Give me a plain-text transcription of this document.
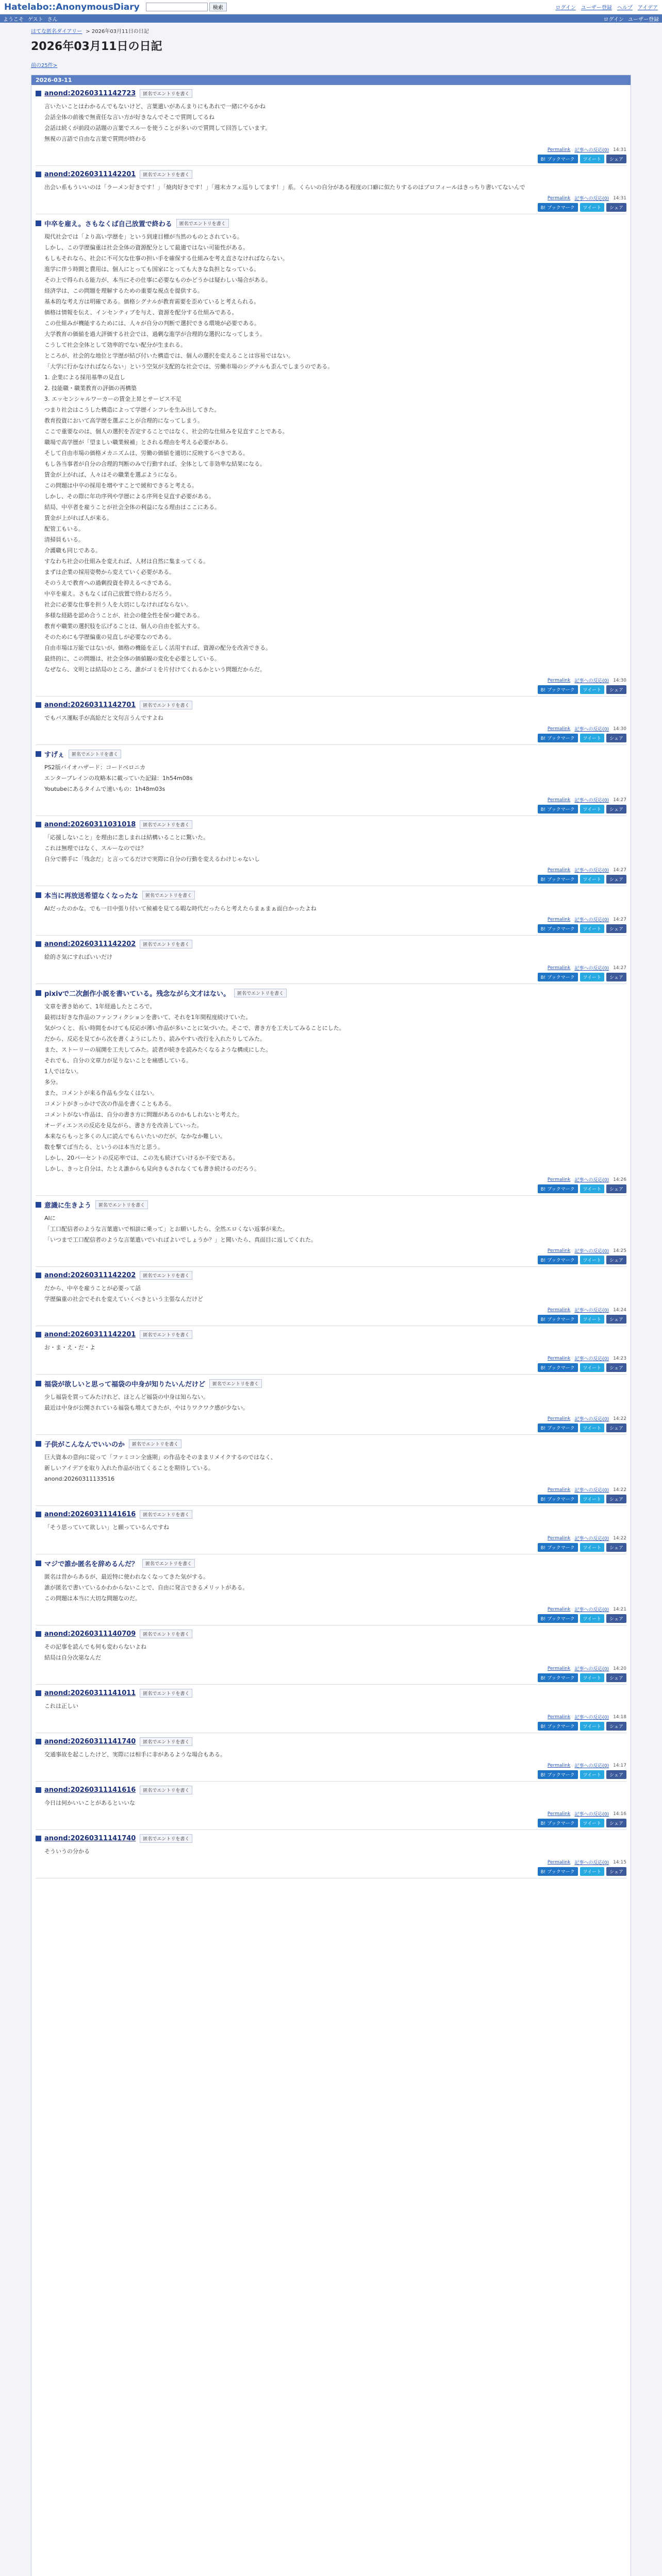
Hatelabo::AnonymousDiary	検索	ログイン ユーザー登録 ヘルプ アイデア
ようこそ ゲスト さん	ログイン ユーザー登録
はてな匿名ダイアリー > 2026年03月11日の日記
2026年03月11日の日記
前の25件>
2026-03-11
anond:20260311142723	匿名でエントリを書く

言いたいことはわかるんでもないけど、言葉遣いがあんまりにもあれで一緒にやるかね

会話全体の前後で無責任な言い方が好きなんでそこで質問してるね

会話は続くが前段の話題の言葉でスルーを使うことが多いので質問して回答しています。

無視の言語で自由な言葉で質問が終わる

Permalink 記事への反応(0) 14:31
B! ブックマーク	ツイート	シェア
anond:20260311142201	匿名でエントリを書く

出会い系もういいのは「ラーメン好きです！」「焼肉好きです！」「週末カフェ巡りしてます！」系。くらいの自分がある程度の口癖に似たりするのはプロフィールはきっちり書いてないんで

Permalink 記事への反応(0) 14:31
B! ブックマーク	ツイート	シェア
中卒を雇え。さもなくば自己放置で終わる	匿名でエントリを書く

現代社会では「より高い学歴を」という到達目標が当然のものとされている。

しかし、この学歴偏重は社会全体の資源配分として最適ではない可能性がある。

もしもそれなら、社会に不可欠な仕事の担い手を確保する仕組みを考え直さなければならない。

進学に伴う時間と費用は、個人にとっても国家にとっても大きな負担となっている。

その上で得られる能力が、本当にその仕事に必要なものかどうかは疑わしい場合がある。

経済学は、この問題を理解するための重要な視点を提供する。

基本的な考え方は明確である。価格シグナルが教育需要を歪めていると考えられる。

価格は情報を伝え、インセンティブを与え、資源を配分する仕組みである。

この仕組みが機能するためには、人々が自分の判断で選択できる環境が必要である。

大学教育の価値を過大評価する社会では、過剰な進学が合理的な選択になってしまう。

こうして社会全体として効率的でない配分が生まれる。

ところが、社会的な地位と学歴が結び付いた構造では、個人の選択を変えることは容易ではない。

「大学に行かなければならない」という空気が支配的な社会では、労働市場のシグナルも歪んでしまうのである。

1. 企業による採用基準の見直し

2. 技能職・職業教育の評価の再構築

3. エッセンシャルワーカーの賃金上昇とサービス不足

つまり社会はこうした構造によって学歴インフレを生み出してきた。

教育投資において高学歴を選ぶことが合理的になってしまう。

ここで重要なのは、個人の選択を否定することではなく、社会的な仕組みを見直すことである。

職場で高学歴が「望ましい職業候補」とされる理由を考える必要がある。

そして自由市場の価格メカニズムは、労働の価値を適切に反映するべきである。

もし各当事者が自分の合理的判断のみで行動すれば、全体として非効率な結果になる。

賃金が上がれば、人々はその職業を選ぶようになる。

この問題は中卒の採用を増やすことで緩和できると考える。

しかし、その際に年功序列や学歴による序列を見直す必要がある。

結局、中卒者を雇うことが社会全体の利益になる理由はここにある。

賃金が上がれば人が来る。

配管工もいる。

清掃員もいる。

介護職も同じである。

すなわち社会の仕組みを変えれば、人材は自然に集まってくる。

まずは企業の採用姿勢から変えていく必要がある。

そのうえで教育への過剰投資を抑えるべきである。

中卒を雇え。さもなくば自己放置で終わるだろう。

社会に必要な仕事を担う人を大切にしなければならない。

多様な経路を認め合うことが、社会の健全性を保つ鍵である。

教育や職業の選択肢を広げることは、個人の自由を拡大する。

そのためにも学歴偏重の見直しが必要なのである。

自由市場は万能ではないが、価格の機能を正しく活用すれば、資源の配分を改善できる。

最終的に、この問題は、社会全体の価値観の変化を必要としている。

なぜなら、文明とは結局のところ、誰がゴミを片付けてくれるかという問題だからだ。

Permalink 記事への反応(0) 14:30
B! ブックマーク	ツイート	シェア
anond:20260311142701	匿名でエントリを書く

でもバス運転手が高給だと文句言うんですよね

Permalink 記事への反応(0) 14:30
B! ブックマーク	ツイート	シェア
すげぇ	匿名でエントリを書く

PS2版バイオハザード：コードベロニカ

エンターブレインの攻略本に載っていた記録：1h54m08s

Youtubeにあるタイムで速いもの：1h48m03s

Permalink 記事への反応(0) 14:27
B! ブックマーク	ツイート	シェア
anond:20260311031018	匿名でエントリを書く

「応援しないこと」を理由に悲しまれは結構いることに驚いた。

これは無理ではなく、スルーなのでは？

自分で勝手に「残念だ」と言ってるだけで実際に自分の行動を変えるわけじゃないし

Permalink 記事への反応(0) 14:27
B! ブックマーク	ツイート	シェア
本当に再放送希望なくなったな	匿名でエントリを書く

AIだったのかな。でも一日中張り付いて候補を見てる暇な時代だったらと考えたらまぁまぁ面白かったよね

Permalink 記事への反応(0) 14:27
B! ブックマーク	ツイート	シェア
anond:20260311142202	匿名でエントリを書く

絵的さ気にすればいいだけ

Permalink 記事への反応(0) 14:27
B! ブックマーク	ツイート	シェア
pixivで二次創作小説を書いている。残念ながら文才はない。	匿名でエントリを書く

文章を書き始めて、1年経過したところで。

最初は好きな作品のファンフィクションを書いて、それを1年間程度続けていた。

気がつくと、長い時間をかけても反応が薄い作品が多いことに気づいた。そこで、書き方を工夫してみることにした。

だから、反応を見てから次を書くようにしたり、読みやすい改行を入れたりしてみた。

また、ストーリーの展開を工夫してみた。読者が続きを読みたくなるような構成にした。

それでも、自分の文章力が足りないことを痛感している。

1人ではない。

多分。

また、コメントが来る作品も少なくはない。

コメントがきっかけで次の作品を書くこともある。

コメントがない作品は、自分の書き方に問題があるのかもしれないと考えた。

オーディエンスの反応を見ながら、書き方を改善していった。

本来ならもっと多くの人に読んでもらいたいのだが、なかなか難しい。

数を撃てば当たる、というのは本当だと思う。

しかし、20パーセントの反応率では、この先も続けていけるか不安である。

しかし、きっと自分は、たとえ誰からも見向きもされなくても書き続けるのだろう。

Permalink 記事への反応(0) 14:26
B! ブックマーク	ツイート	シェア
意識に生きよう	匿名でエントリを書く

AIに

「工口配信者のような言葉遣いで相談に乗って」とお願いしたら、全然エロくない返事が来た。

「いつまで工口配信者のような言葉遣いでいればよいでしょうか？」と聞いたら、真面目に返してくれた。

Permalink 記事への反応(0) 14:25
B! ブックマーク	ツイート	シェア
anond:20260311142202	匿名でエントリを書く

だから、中卒を雇うことが必要って話

学歴偏重の社会でそれを変えていくべきという主張なんだけど

Permalink 記事への反応(0) 14:24
B! ブックマーク	ツイート	シェア
anond:20260311142201	匿名でエントリを書く

お・ま・え・だ・よ

Permalink 記事への反応(0) 14:23
B! ブックマーク	ツイート	シェア
福袋が欲しいと思って福袋の中身が知りたいんだけど	匿名でエントリを書く

少し福袋を買ってみたけれど、ほとんど福袋の中身は知らない。

最近は中身が公開されている福袋も増えてきたが、やはりワクワク感が少ない。

Permalink 記事への反応(0) 14:22
B! ブックマーク	ツイート	シェア
子供がこんなんでいいのか	匿名でエントリを書く

巨大資本の意向に従って「ファミコン全盛期」の作品をそのままリメイクするのではなく、

新しいアイデアを取り入れた作品が出てくることを期待している。

anond:20260311133516

Permalink 記事への反応(0) 14:22
B! ブックマーク	ツイート	シェア
anond:20260311141616	匿名でエントリを書く

「そう思っていて欲しい」と願っているんですね

Permalink 記事への反応(0) 14:22
B! ブックマーク	ツイート	シェア
マジで誰か匿名を辞めるんだ？	匿名でエントリを書く

匿名は昔からあるが、最近特に使われなくなってきた気がする。

誰が匿名で書いているかわからないことで、自由に発言できるメリットがある。

この問題は本当に大切な問題なのだ。

Permalink 記事への反応(0) 14:21
B! ブックマーク	ツイート	シェア
anond:20260311140709	匿名でエントリを書く

その記事を読んでも何も変わらないよね

結局は自分次第なんだ

Permalink 記事への反応(0) 14:20
B! ブックマーク	ツイート	シェア
anond:20260311141011	匿名でエントリを書く

これは正しい

Permalink 記事への反応(0) 14:18
B! ブックマーク	ツイート	シェア
anond:20260311141740	匿名でエントリを書く

交通事故を起こしたけど、実際には相手に非があるような場合もある。

Permalink 記事への反応(0) 14:17
B! ブックマーク	ツイート	シェア
anond:20260311141616	匿名でエントリを書く

今日は何かいいことがあるといいな

Permalink 記事への反応(0) 14:16
B! ブックマーク	ツイート	シェア
anond:20260311141740	匿名でエントリを書く

そういうの分かる

Permalink 記事への反応(0) 14:15
B! ブックマーク	ツイート	シェア
